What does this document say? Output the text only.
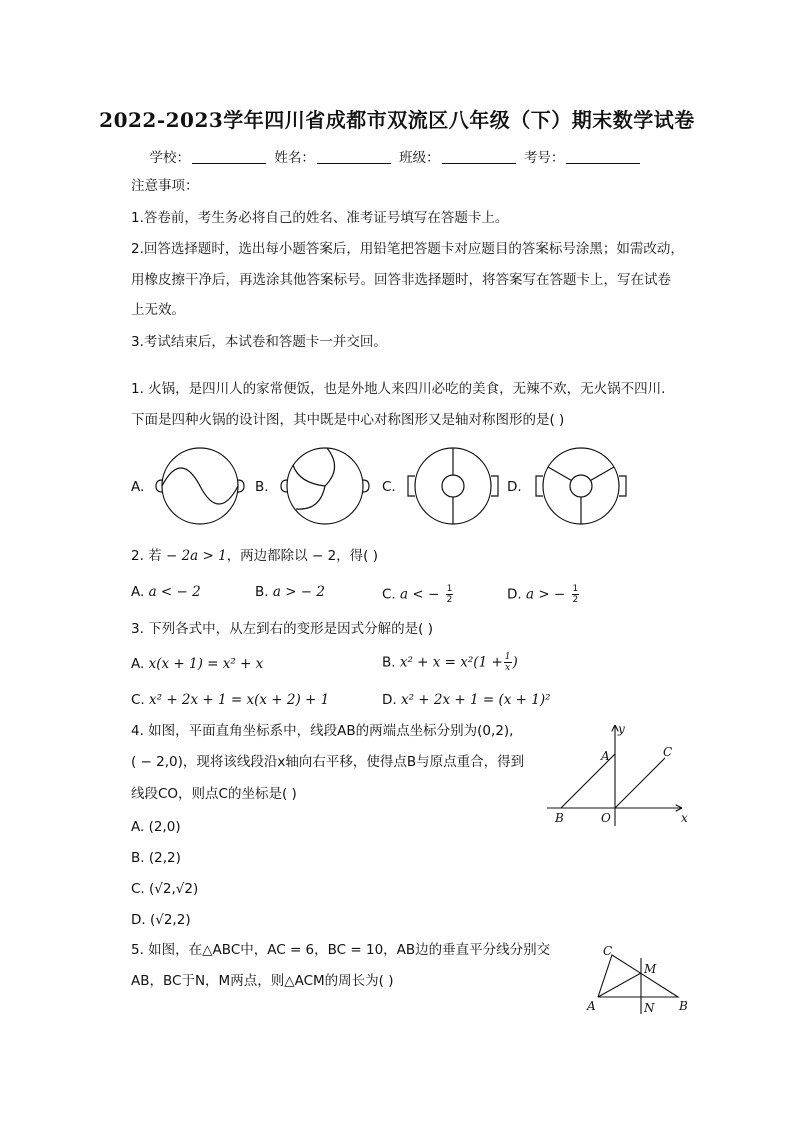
2022-2023学年四川省成都市双流区八年级（下）期末数学试卷
学校：	姓名：	班级：	考号：
注意事项：
1.答卷前，考生务必将自己的姓名、准考证号填写在答题卡上。
2.回答选择题时，选出每小题答案后，用铅笔把答题卡对应题目的答案标号涂黑；如需改动，
用橡皮擦干净后，再选涂其他答案标号。回答非选择题时，将答案写在答题卡上，写在试卷
上无效。
3.考试结束后，本试卷和答题卡一并交回。
1. 火锅，是四川人的家常便饭，也是外地人来四川必吃的美食，无辣不欢，无火锅不四川.
下面是四种火锅的设计图，其中既是中心对称图形又是轴对称图形的是( )
A.	B.	C.	D.
2. 若 − 2a > 1，两边都除以 − 2，得( )
A. a < − 2	B. a > − 2	C. a < − $\frac{1}{2}$	D. a > − $\frac{1}{2}$
3. 下列各式中，从左到右的变形是因式分解的是( )
A. x(x + 1) = x² + x	B. $x^2 + x = x^2(1 + \frac{1}{x}$ )
C. x² + 2x + 1 = x(x + 2) + 1	D. x² + 2x + 1 = (x + 1)²
4. 如图，平面直角坐标系中，线段AB的两端点坐标分别为(0,2),
( − 2,0)，现将该线段沿x轴向右平移，使得点B与原点重合，得到
线段CO，则点C的坐标是( )
A. (2,0)
B. (2,2)
C. (√2,√2)
D. (√2,2)
y
A	C
B	O	x
5. 如图，在△ABC中，AC = 6，BC = 10，AB边的垂直平分线分别交
AB，BC于N，M两点，则△ACM的周长为( )
C
M
A	N B
